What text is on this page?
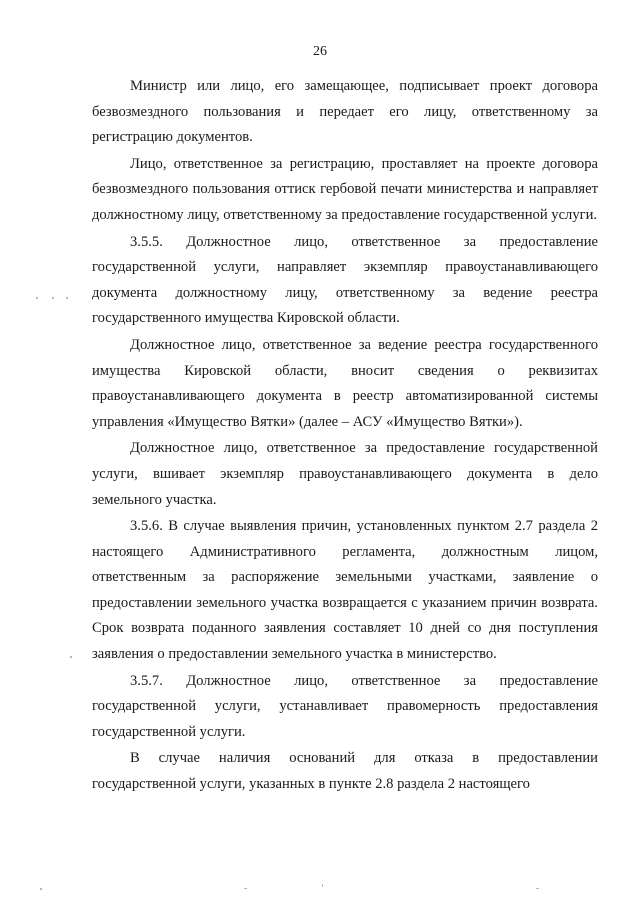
26

Министр или лицо, его замещающее, подписывает проект договора безвозмездного пользования и передает его лицу, ответственному за регистрацию документов.

Лицо, ответственное за регистрацию, проставляет на проекте договора безвозмездного пользования оттиск гербовой печати министерства и направляет должностному лицу, ответственному за предоставление государственной услуги.

3.5.5. Должностное лицо, ответственное за предоставление государственной услуги, направляет экземпляр правоустанавливающего документа должностному лицу, ответственному за ведение реестра государственного имущества Кировской области.

Должностное лицо, ответственное за ведение реестра государственного имущества Кировской области, вносит сведения о реквизитах правоустанавливающего документа в реестр автоматизированной системы управления «Имущество Вятки» (далее – АСУ «Имущество Вятки»).

Должностное лицо, ответственное за предоставление государственной услуги, вшивает экземпляр правоустанавливающего документа в дело земельного участка.

3.5.6. В случае выявления причин, установленных пунктом 2.7 раздела 2 настоящего Административного регламента, должностным лицом, ответственным за распоряжение земельными участками, заявление о предоставлении земельного участка возвращается с указанием причин возврата. Срок возврата поданного заявления составляет 10 дней со дня поступления заявления о предоставлении земельного участка в министерство.

3.5.7. Должностное лицо, ответственное за предоставление государственной услуги, устанавливает правомерность предоставления государственной услуги.

В случае наличия оснований для отказа в предоставлении государственной услуги, указанных в пункте 2.8 раздела 2 настоящего
